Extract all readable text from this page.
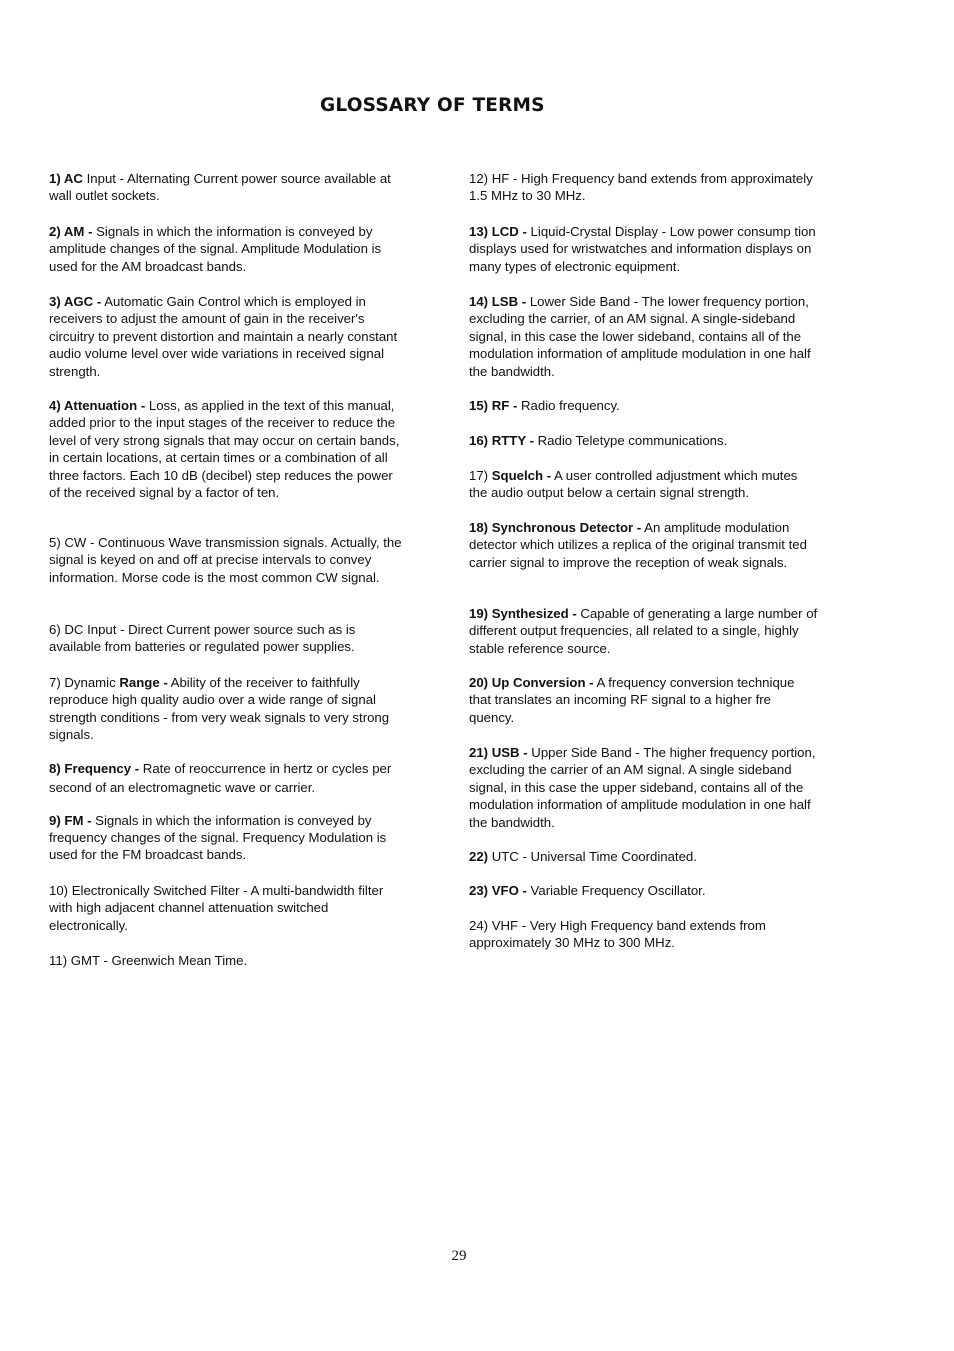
GLOSSARY OF TERMS

1) AC Input - Alternating Current power source available at wall outlet sockets.

2) AM - Signals in which the information is conveyed by amplitude changes of the signal. Amplitude Modulation is used for the AM broadcast bands.

3) AGC - Automatic Gain Control which is employed in receivers to adjust the amount of gain in the receiver's circuitry to prevent distortion and maintain a nearly constant audio volume level over wide variations in received signal strength.

4) Attenuation - Loss, as applied in the text of this manual, added prior to the input stages of the receiver to reduce the level of very strong signals that may occur on certain bands, in certain locations, at certain times or a combination of all three factors. Each 10 dB (decibel) step reduces the power of the received signal by a factor of ten.

5) CW - Continuous Wave transmission signals. Actually, the signal is keyed on and off at precise intervals to convey information. Morse code is the most common CW signal.

6) DC Input - Direct Current power source such as is available from batteries or regulated power supplies.

7) Dynamic Range - Ability of the receiver to faithfully reproduce high quality audio over a wide range of signal strength conditions - from very weak signals to very strong signals.

8) Frequency - Rate of reoccurrence in hertz or cycles per second of an electromagnetic wave or carrier.

9) FM - Signals in which the information is conveyed by frequency changes of the signal. Frequency Modulation is used for the FM broadcast bands.

10) Electronically Switched Filter - A multi-bandwidth filter with high adjacent channel attenuation switched electronically.

11) GMT - Greenwich Mean Time.

12) HF - High Frequency band extends from approximately 1.5 MHz to 30 MHz.

13) LCD - Liquid-Crystal Display - Low power consump tion displays used for wristwatches and information displays on many types of electronic equipment.

14) LSB - Lower Side Band - The lower frequency portion, excluding the carrier, of an AM signal. A single-sideband signal, in this case the lower sideband, contains all of the modulation information of amplitude modulation in one half the bandwidth.

15) RF - Radio frequency.

16) RTTY - Radio Teletype communications.

17) Squelch - A user controlled adjustment which mutes the audio output below a certain signal strength.

18) Synchronous Detector - An amplitude modulation detector which utilizes a replica of the original transmit ted carrier signal to improve the reception of weak signals.

19) Synthesized - Capable of generating a large number of different output frequencies, all related to a single, highly stable reference source.

20) Up Conversion - A frequency conversion technique that translates an incoming RF signal to a higher fre quency.

21) USB - Upper Side Band - The higher frequency portion, excluding the carrier of an AM signal. A single sideband signal, in this case the upper sideband, contains all of the modulation information of amplitude modulation in one half the bandwidth.

22) UTC - Universal Time Coordinated.

23) VFO - Variable Frequency Oscillator.

24) VHF - Very High Frequency band extends from approximately 30 MHz to 300 MHz.

29
